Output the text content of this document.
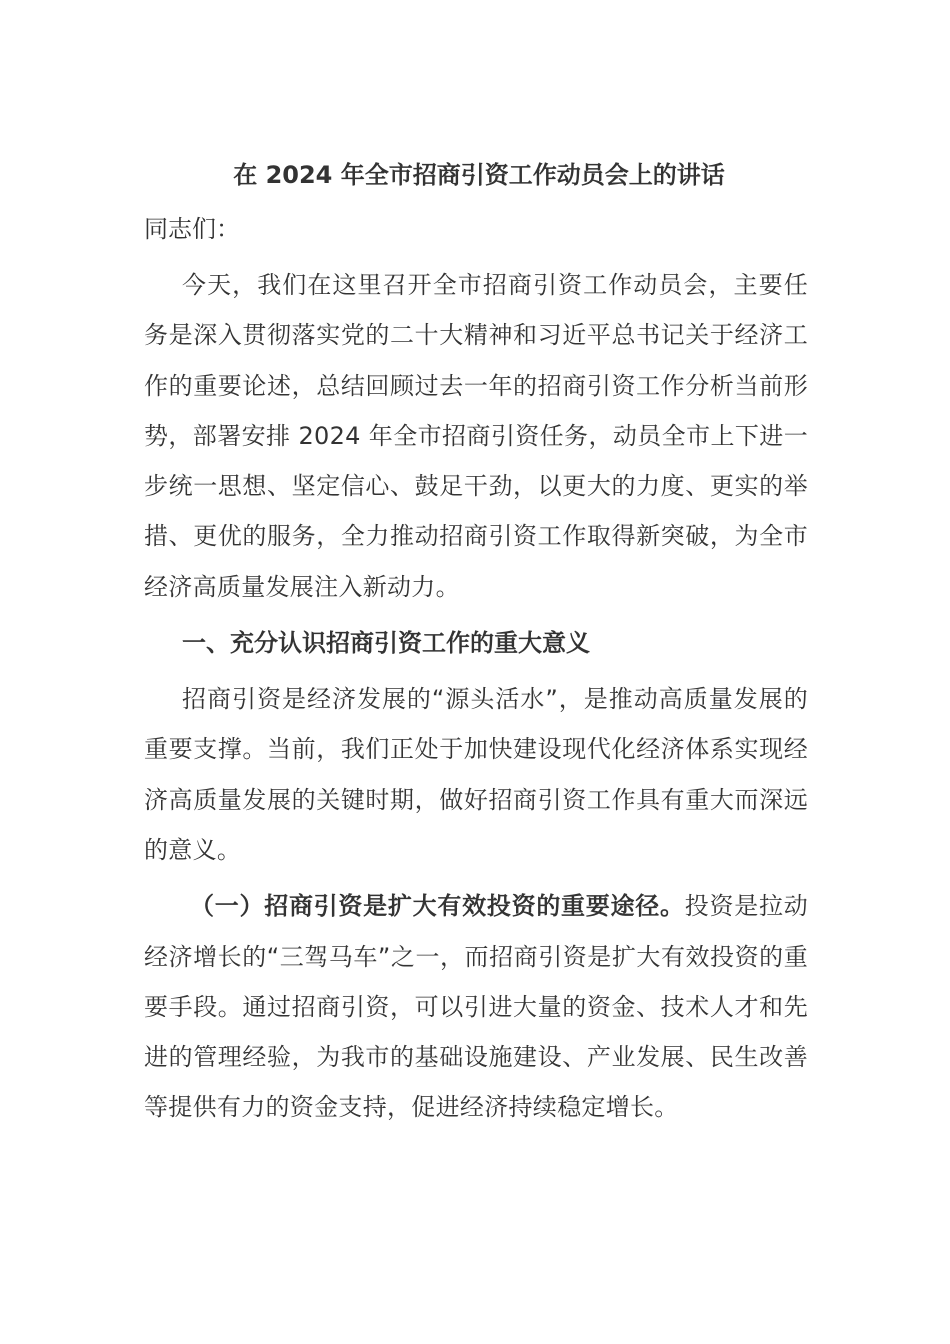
在 2024 年全市招商引资工作动员会上的讲话

同志们：

今天，我们在这里召开全市招商引资工作动员会，主要任务是深入贯彻落实党的二十大精神和习近平总书记关于经济工作的重要论述，总结回顾过去一年的招商引资工作分析当前形势，部署安排 2024 年全市招商引资任务，动员全市上下进一步统一思想、坚定信心、鼓足干劲，以更大的力度、更实的举措、更优的服务，全力推动招商引资工作取得新突破，为全市经济高质量发展注入新动力。

一、充分认识招商引资工作的重大意义

招商引资是经济发展的“源头活水”，是推动高质量发展的重要支撑。当前，我们正处于加快建设现代化经济体系实现经济高质量发展的关键时期，做好招商引资工作具有重大而深远的意义。

（一）招商引资是扩大有效投资的重要途径。投资是拉动经济增长的“三驾马车”之一，而招商引资是扩大有效投资的重要手段。通过招商引资，可以引进大量的资金、技术人才和先进的管理经验，为我市的基础设施建设、产业发展、民生改善等提供有力的资金支持，促进经济持续稳定增长。
